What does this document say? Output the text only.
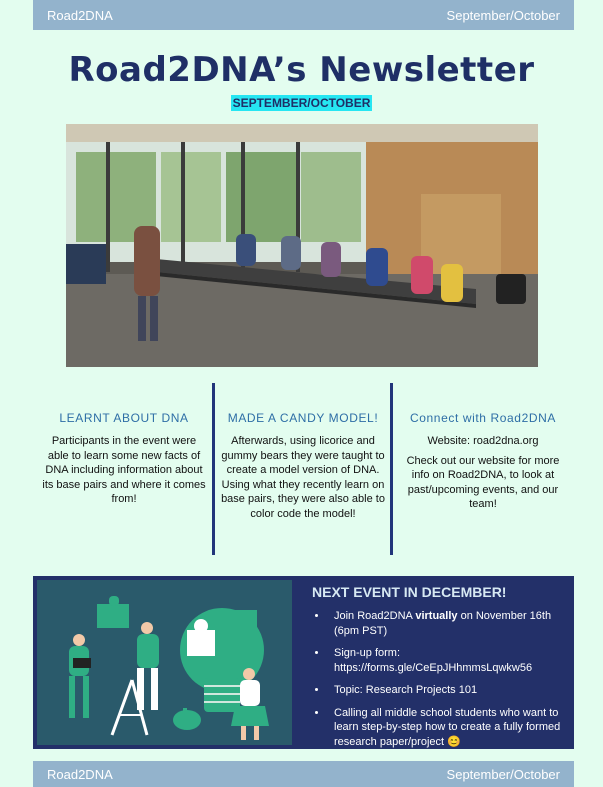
Road2DNA	September/October
Road2DNA’s Newsletter
SEPTEMBER/OCTOBER
LEARNT ABOUT DNA

Participants in the event were able to learn some new facts of DNA including information about its base pairs and where it comes from!

MADE A CANDY MODEL!

Afterwards, using licorice and gummy bears they were taught to create a model version of DNA. Using what they recently learn on base pairs, they were also able to color code the model!

Connect with Road2DNA

Website: road2dna.org

Check out our website for more info on Road2DNA, to look at past/upcoming events, and our team!

NEXT EVENT IN DECEMBER!
• Join Road2DNA virtually on November 16th (6pm PST)
• Sign-up form: https://forms.gle/CeEpJHhmmsLqwkw56
• Topic: Research Projects 101
• Calling all middle school students who want to learn step-by-step how to create a fully formed research paper/project 😊
Road2DNA	September/October
